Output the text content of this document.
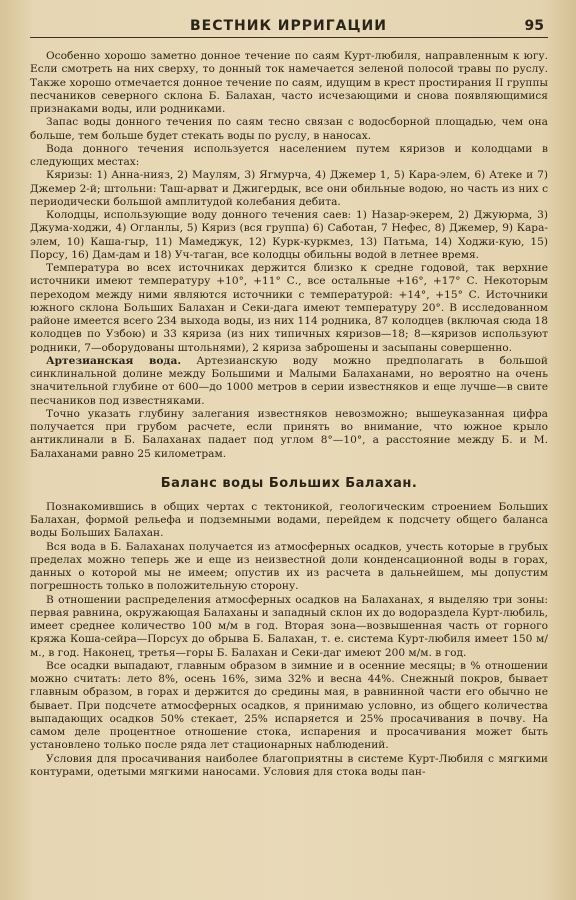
ВЕСТНИК ИРРИГАЦИИ	95

Особенно хорошо заметно донное течение по саям Курт-любиля, направленным к югу. Если смотреть на них сверху, то донный ток намечается зеленой полосой травы по руслу. Также хорошо отмечается донное течение по саям, идущим в крест простирания II группы песчаников северного склона Б. Балахан, часто исчезающими и снова появляющимися признаками воды, или родниками.

Запас воды донного течения по саям тесно связан с водосборной площадью, чем она больше, тем больше будет стекать воды по руслу, в наносах.

Вода донного течения используется населением путем кяризов и колодцами в следующих местах:

Кяризы: 1) Анна-нияз, 2) Маулям, 3) Ягмурча, 4) Джемер 1, 5) Кара-элем, 6) Атеке и 7) Джемер 2-й; штольни: Таш-арват и Джигердык, все они обильные водою, но часть из них с периодически большой амплитудой колебания дебита.

Колодцы, использующие воду донного течения саев: 1) Назар-экерем, 2) Джуюрма, 3) Джума-ходжи, 4) Огланлы, 5) Кяриз (вся группа) 6) Саботан, 7 Нефес, 8) Джемер, 9) Кара-элем, 10) Каша-гыр, 11) Мамеджук, 12) Курк-куркмез, 13) Патьма, 14) Ходжи-кую, 15) Порсу, 16) Дам-дам и 18) Уч-таган, все колодцы обильны водой в летнее время.

Температура во всех источниках держится близко к средне годовой, так верхние источники имеют температуру +10°, +11° С., все остальные +16°, +17° С. Некоторым переходом между ними являются источники с температурой: +14°, +15° С. Источники южного склона Больших Балахан и Секи-дага имеют температуру 20°. В исследованном районе имеется всего 234 выхода воды, из них 114 родника, 87 колодцев (включая сюда 18 колодцев по Узбою) и 33 кяриза (из них типичных кяризов—18; 8—кяризов используют родники, 7—оборудованы штольнями), 2 кяриза заброшены и засыпаны совершенно.

Артезианская вода. Артезианскую воду можно предполагать в большой синклинальной долине между Большими и Малыми Балаханами, но вероятно на очень значительной глубине от 600—до 1000 метров в серии известняков и еще лучше—в свите песчаников под известняками.

Точно указать глубину залегания известняков невозможно; вышеуказанная цифра получается при грубом расчете, если принять во внимание, что южное крыло антиклинали в Б. Балаханах падает под углом 8°—10°, а расстояние между Б. и М. Балаханами равно 25 километрам.

Баланс воды Больших Балахан.

Познакомившись в общих чертах с тектоникой, геологическим строением Больших Балахан, формой рельефа и подземными водами, перейдем к подсчету общего баланса воды Больших Балахан.

Вся вода в Б. Балаханах получается из атмосферных осадков, учесть которые в грубых пределах можно теперь же и еще из неизвестной доли конденсационной воды в горах, данных о которой мы не имеем; опустив их из расчета в дальнейшем, мы допустим погрешность только в положительную сторону.

В отношении распределения атмосферных осадков на Балаханах, я выделяю три зоны: первая равнина, окружающая Балаханы и западный склон их до водораздела Курт-любиль, имеет среднее количество 100 м/м в год. Вторая зона—возвышенная часть от горного кряжа Коша-сейра—Порсух до обрыва Б. Балахан, т. е. система Курт-любиля имеет 150 м/м., в год. Наконец, третья—горы Б. Балахан и Секи-даг имеют 200 м/м. в год.

Все осадки выпадают, главным образом в зимние и в осенние месяцы; в % отношении можно считать: лето 8%, осень 16%, зима 32% и весна 44%. Снежный покров, бывает главным образом, в горах и держится до средины мая, в равнинной части его обычно не бывает. При подсчете атмосферных осадков, я принимаю условно, из общего количества выпадающих осадков 50% стекает, 25% испаряется и 25% просачивания в почву. На самом деле процентное отношение стока, испарения и просачивания может быть установлено только после ряда лет стационарных наблюдений.

Условия для просачивания наиболее благоприятны в системе Курт-Любиля с мягкими контурами, одетыми мягкими наносами. Условия для стока воды пан-
